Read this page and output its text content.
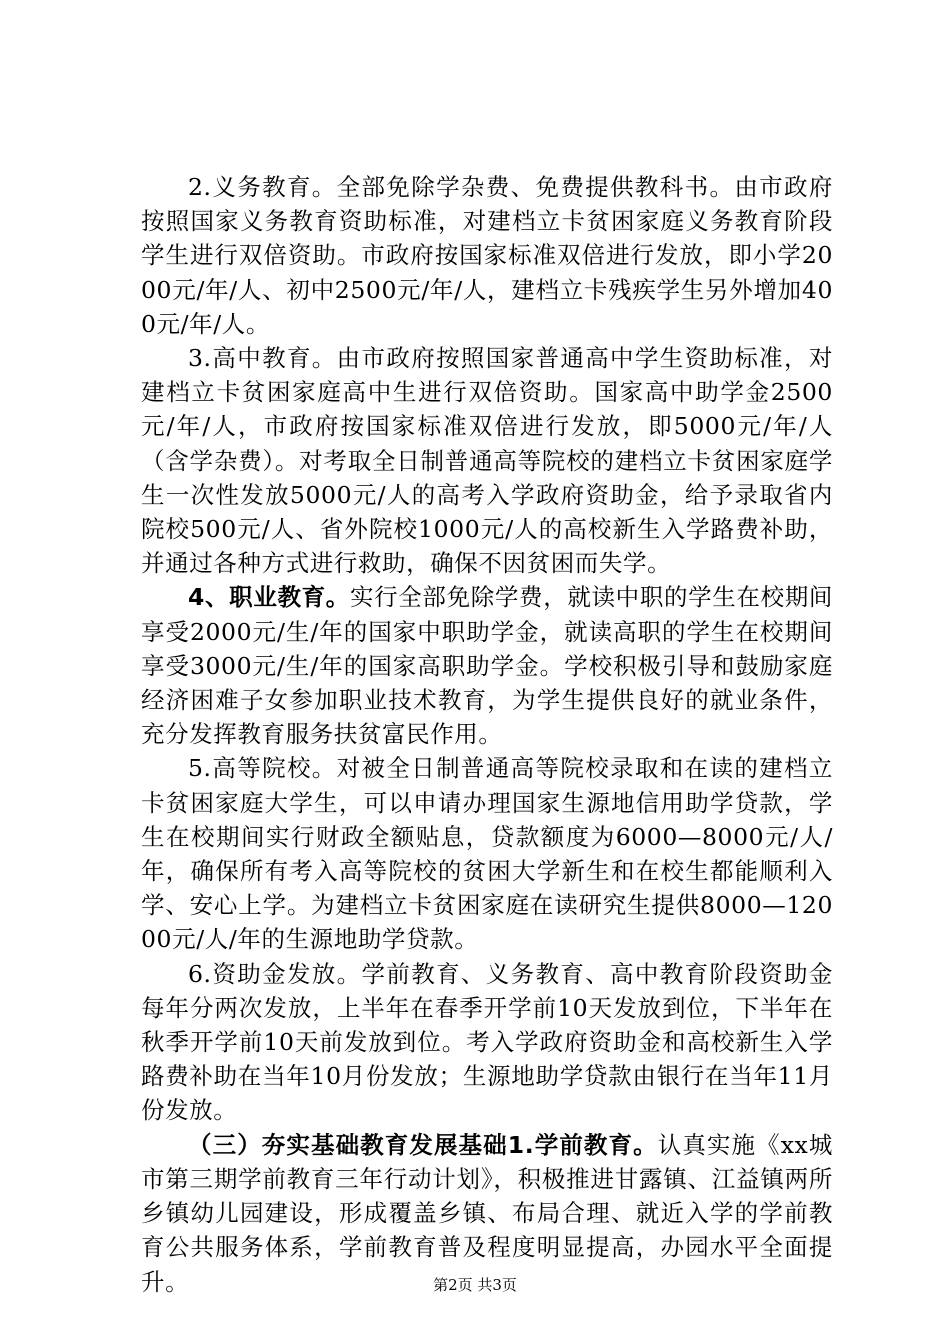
2.义务教育。全部免除学杂费、免费提供教科书。由市政府按照国家义务教育资助标准，对建档立卡贫困家庭义务教育阶段学生进行双倍资助。市政府按国家标准双倍进行发放，即小学2000元/年/人、初中2500元/年/人，建档立卡残疾学生另外增加400元/年/人。

3.高中教育。由市政府按照国家普通高中学生资助标准，对建档立卡贫困家庭高中生进行双倍资助。国家高中助学金2500元/年/人，市政府按国家标准双倍进行发放，即5000元/年/人（含学杂费）。对考取全日制普通高等院校的建档立卡贫困家庭学生一次性发放5000元/人的高考入学政府资助金，给予录取省内院校500元/人、省外院校1000元/人的高校新生入学路费补助，并通过各种方式进行救助，确保不因贫困而失学。

4、职业教育。实行全部免除学费，就读中职的学生在校期间享受2000元/生/年的国家中职助学金，就读高职的学生在校期间享受3000元/生/年的国家高职助学金。学校积极引导和鼓励家庭经济困难子女参加职业技术教育，为学生提供良好的就业条件，充分发挥教育服务扶贫富民作用。

5.高等院校。对被全日制普通高等院校录取和在读的建档立卡贫困家庭大学生，可以申请办理国家生源地信用助学贷款，学生在校期间实行财政全额贴息，贷款额度为6000—8000元/人/年，确保所有考入高等院校的贫困大学新生和在校生都能顺利入学、安心上学。为建档立卡贫困家庭在读研究生提供8000—12000元/人/年的生源地助学贷款。

6.资助金发放。学前教育、义务教育、高中教育阶段资助金每年分两次发放，上半年在春季开学前10天发放到位，下半年在秋季开学前10天前发放到位。考入学政府资助金和高校新生入学路费补助在当年10月份发放；生源地助学贷款由银行在当年11月份发放。

（三）夯实基础教育发展基础1.学前教育。认真实施《xx城市第三期学前教育三年行动计划》，积极推进甘露镇、江益镇两所乡镇幼儿园建设，形成覆盖乡镇、布局合理、就近入学的学前教育公共服务体系，学前教育普及程度明显提高，办园水平全面提升。	第2页 共3页
